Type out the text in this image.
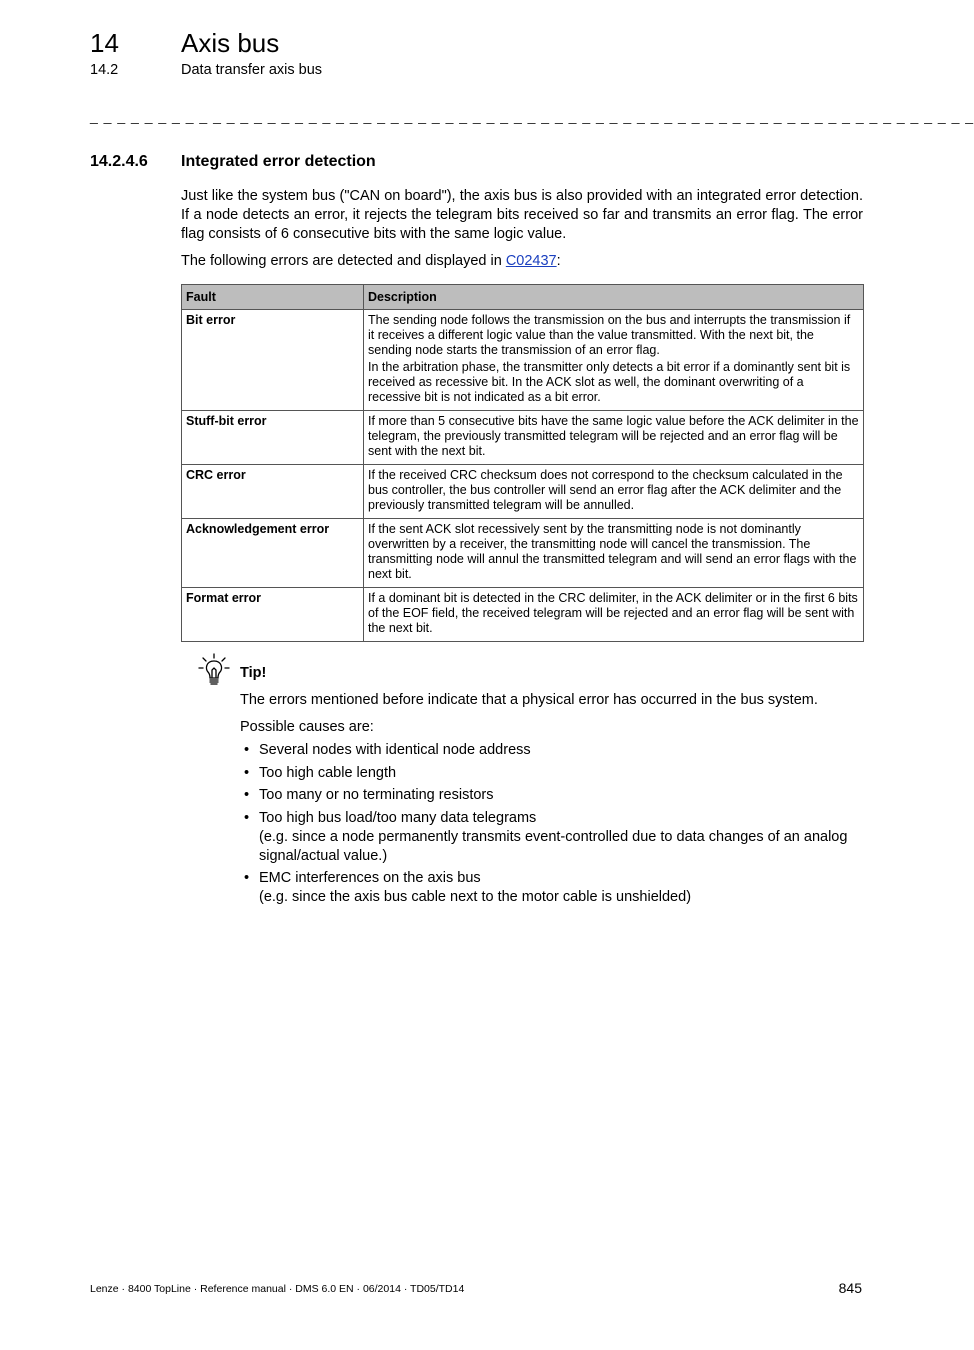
14 Axis bus
14.2	Data transfer axis bus
_ _ _ _ _ _ _ _ _ _ _ _ _ _ _ _ _ _ _ _ _ _ _ _ _ _ _ _ _ _ _ _ _ _ _ _ _ _ _ _ _ _ _ _ _ _ _ _ _ _ _ _ _ _ _ _ _ _ _ _ _ _ _ _ _
14.2.4.6 Integrated error detection

Just like the system bus ("CAN on board"), the axis bus is also provided with an integrated error detection. If a node detects an error, it rejects the telegram bits received so far and transmits an error flag. The error flag consists of 6 consecutive bits with the same logic value.

The following errors are detected and displayed in C02437:

Fault	Description
Bit error	The sending node follows the transmission on the bus and interrupts the transmission if it receives a different logic value than the value transmitted. With the next bit, the sending node starts the transmission of an error flag.

In the arbitration phase, the transmitter only detects a bit error if a dominantly sent bit is received as recessive bit. In the ACK slot as well, the dominant overwriting of a recessive bit is not indicated as a bit error.

Stuff-bit error	If more than 5 consecutive bits have the same logic value before the ACK delimiter in the telegram, the previously transmitted telegram will be rejected and an error flag will be sent with the next bit.
CRC error	If the received CRC checksum does not correspond to the checksum calculated in the bus controller, the bus controller will send an error flag after the ACK delimiter and the previously transmitted telegram will be annulled.
Acknowledgement error	If the sent ACK slot recessively sent by the transmitting node is not dominantly overwritten by a receiver, the transmitting node will cancel the transmission. The transmitting node will annul the transmitted telegram and will send an error flags with the next bit.
Format error	If a dominant bit is detected in the CRC delimiter, in the ACK delimiter or in the first 6 bits of the EOF field, the received telegram will be rejected and an error flag will be sent with the next bit.
Tip!

The errors mentioned before indicate that a physical error has occurred in the bus system.

Possible causes are:

• Several nodes with identical node address
• Too high cable length
• Too many or no terminating resistors
• Too high bus load/too many data telegrams
(e.g. since a node permanently transmits event-controlled due to data changes of an analog signal/actual value.)
• EMC interferences on the axis bus
(e.g. since the axis bus cable next to the motor cable is unshielded)
Lenze · 8400 TopLine · Reference manual · DMS 6.0 EN · 06/2014 · TD05/TD14	845
